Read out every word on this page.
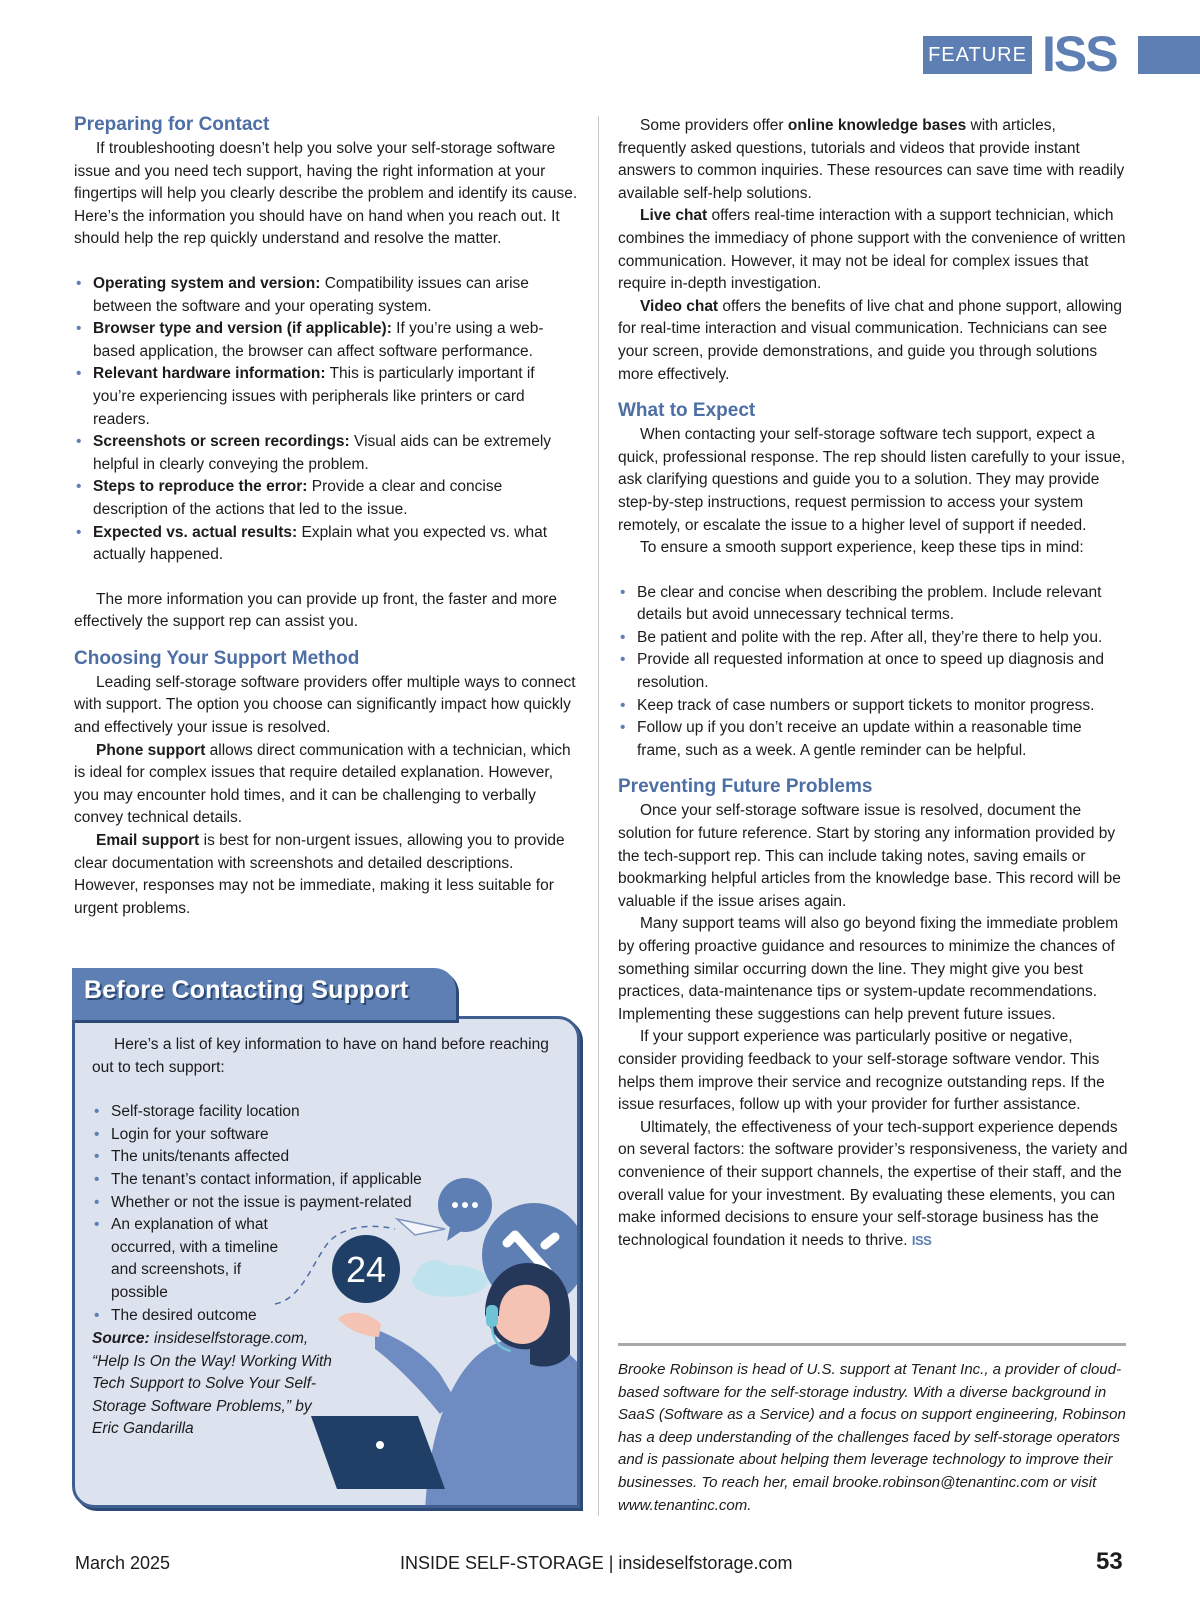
FEATURE ISS
Preparing for Contact

If troubleshooting doesn’t help you solve your self-storage software issue and you need tech support, having the right information at your fingertips will help you clearly describe the problem and identify its cause. Here’s the information you should have on hand when you reach out. It should help the rep quickly understand and resolve the matter.

• Operating system and version: Compatibility issues can arise between the software and your operating system.
• Browser type and version (if applicable): If you’re using a web-based application, the browser can affect software performance.
• Relevant hardware information: This is particularly important if you’re experiencing issues with peripherals like printers or card readers.
• Screenshots or screen recordings: Visual aids can be extremely helpful in clearly conveying the problem.
• Steps to reproduce the error: Provide a clear and concise description of the actions that led to the issue.
• Expected vs. actual results: Explain what you expected vs. what actually happened.

The more information you can provide up front, the faster and more effectively the support rep can assist you.

Choosing Your Support Method

Leading self-storage software providers offer multiple ways to connect with support. The option you choose can significantly impact how quickly and effectively your issue is resolved.

Phone support allows direct communication with a technician, which is ideal for complex issues that require detailed explanation. However, you may encounter hold times, and it can be challenging to verbally convey technical details.

Email support is best for non-urgent issues, allowing you to provide clear documentation with screenshots and detailed descriptions. However, responses may not be immediate, making it less suitable for urgent problems.

24
Before Contacting Support

Here’s a list of key information to have on hand before reaching out to tech support:

• Self-storage facility location
• Login for your software
• The units/tenants affected
• The tenant’s contact information, if applicable
• Whether or not the issue is payment-related
• An explanation of what occurred, with a timeline and screenshots, if possible
• The desired outcome
Source: insideselfstorage.com, “Help Is On the Way! Working With Tech Support to Solve Your Self-Storage Software Problems,” by Eric Gandarilla

Some providers offer online knowledge bases with articles, frequently asked questions, tutorials and videos that provide instant answers to common inquiries. These resources can save time with readily available self-help solutions.

Live chat offers real-time interaction with a support technician, which combines the immediacy of phone support with the convenience of written communication. However, it may not be ideal for complex issues that require in-depth investigation.

Video chat offers the benefits of live chat and phone support, allowing for real-time interaction and visual communication. Technicians can see your screen, provide demonstrations, and guide you through solutions more effectively.

What to Expect

When contacting your self-storage software tech support, expect a quick, professional response. The rep should listen carefully to your issue, ask clarifying questions and guide you to a solution. They may provide step-by-step instructions, request permission to access your system remotely, or escalate the issue to a higher level of support if needed.

To ensure a smooth support experience, keep these tips in mind:

• Be clear and concise when describing the problem. Include relevant details but avoid unnecessary technical terms.
• Be patient and polite with the rep. After all, they’re there to help you.
• Provide all requested information at once to speed up diagnosis and resolution.
• Keep track of case numbers or support tickets to monitor progress.
• Follow up if you don’t receive an update within a reasonable time frame, such as a week. A gentle reminder can be helpful.
Preventing Future Problems

Once your self-storage software issue is resolved, document the solution for future reference. Start by storing any information provided by the tech-support rep. This can include taking notes, saving emails or bookmarking helpful articles from the knowledge base. This record will be valuable if the issue arises again.

Many support teams will also go beyond fixing the immediate problem by offering proactive guidance and resources to minimize the chances of something similar occurring down the line. They might give you best practices, data-maintenance tips or system-update recommendations. Implementing these suggestions can help prevent future issues.

If your support experience was particularly positive or negative, consider providing feedback to your self-storage software vendor. This helps them improve their service and recognize outstanding reps. If the issue resurfaces, follow up with your provider for further assistance.

Ultimately, the effectiveness of your tech-support experience depends on several factors: the software provider’s responsiveness, the variety and convenience of their support channels, the expertise of their staff, and the overall value for your investment. By evaluating these elements, you can make informed decisions to ensure your self-storage business has the technological foundation it needs to thrive. ISS

Brooke Robinson is head of U.S. support at Tenant Inc., a provider of cloud-based software for the self-storage industry. With a diverse background in SaaS (Software as a Service) and a focus on support engineering, Robinson has a deep understanding of the challenges faced by self-storage operators and is passionate about helping them leverage technology to improve their businesses. To reach her, email brooke.robinson@tenantinc.com or visit www.tenantinc.com.
March 2025	INSIDE SELF-STORAGE | insideselfstorage.com	53
